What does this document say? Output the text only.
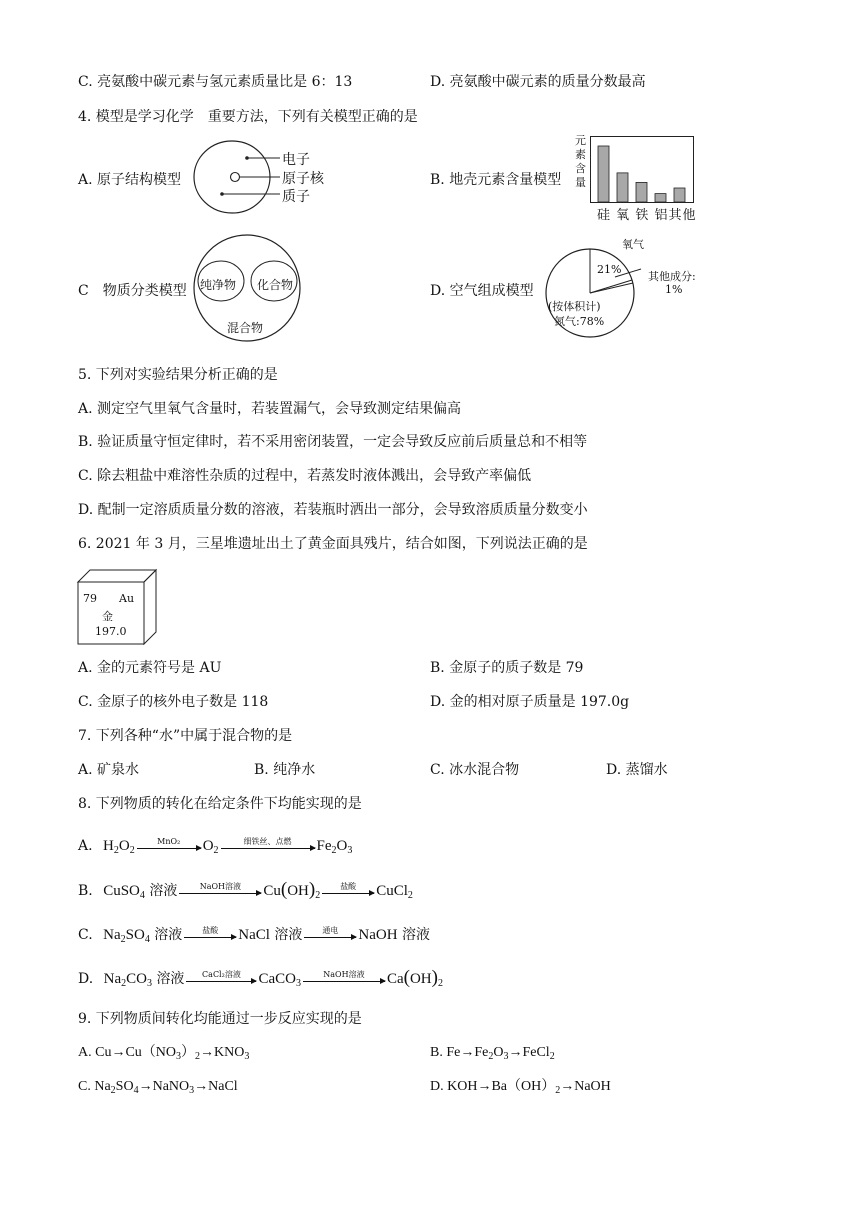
C. 亮氨酸中碳元素与氢元素质量比是 6：13	D. 亮氨酸中碳元素的质量分数最高
4. 模型是学习化学　重要方法，下列有关模型正确的是
A. 原子结构模型
电子
原子核
质子
B. 地壳元素含量模型
元
素
含
量
硅 氧 铁 铝其他
C　物质分类模型 纯净物 化合物
混合物
D. 空气组成模型
氧气
21%
其他成分:
1%
(按体积计)
氮气:78%
5. 下列对实验结果分析正确的是
A. 测定空气里氧气含量时，若装置漏气，会导致测定结果偏高
B. 验证质量守恒定律时，若不采用密闭装置，一定会导致反应前后质量总和不相等
C. 除去粗盐中难溶性杂质的过程中，若蒸发时液体溅出，会导致产率偏低
D. 配制一定溶质质量分数的溶液，若装瓶时洒出一部分，会导致溶质质量分数变小
6. 2021 年 3 月，三星堆遗址出土了黄金面具残片，结合如图，下列说法正确的是
79 Au
金
197.0
A. 金的元素符号是 AU	B. 金原子的质子数是 79
C. 金原子的核外电子数是 118	D. 金的相对原子质量是 197.0g
7. 下列各种“水”中属于混合物的是
A. 矿泉水	B. 纯净水	C. 冰水混合物	D. 蒸馏水
8. 下列物质的转化在给定条件下均能实现的是
A. $H_2O_2$
MnO₂	$O_2$
细铁丝、点燃	$Fe_2O_3$
B. CuSO$_4$ 溶液	NaOH溶液	$Cu(OH)_2$
盐酸	CuCl$_2$
C. $Na_2SO_4$ 溶液	盐酸	NaCl 溶液	通电	NaOH 溶液
D. $Na_2CO_3$ 溶液	CaCl₂溶液	CaCO$_3$
NaOH溶液	$Ca(OH)_2$
9. 下列物质间转化均能通过一步反应实现的是
A. $Cu\to Cu(NO_3)_2\to KNO_3$	B. $Fe\to Fe_2O_3\to FeCl_2$
C. $Na_2SO_4\to NaNO_3\to NaCl$	D. $KOH\to Ba(OH)_2\to NaOH$
